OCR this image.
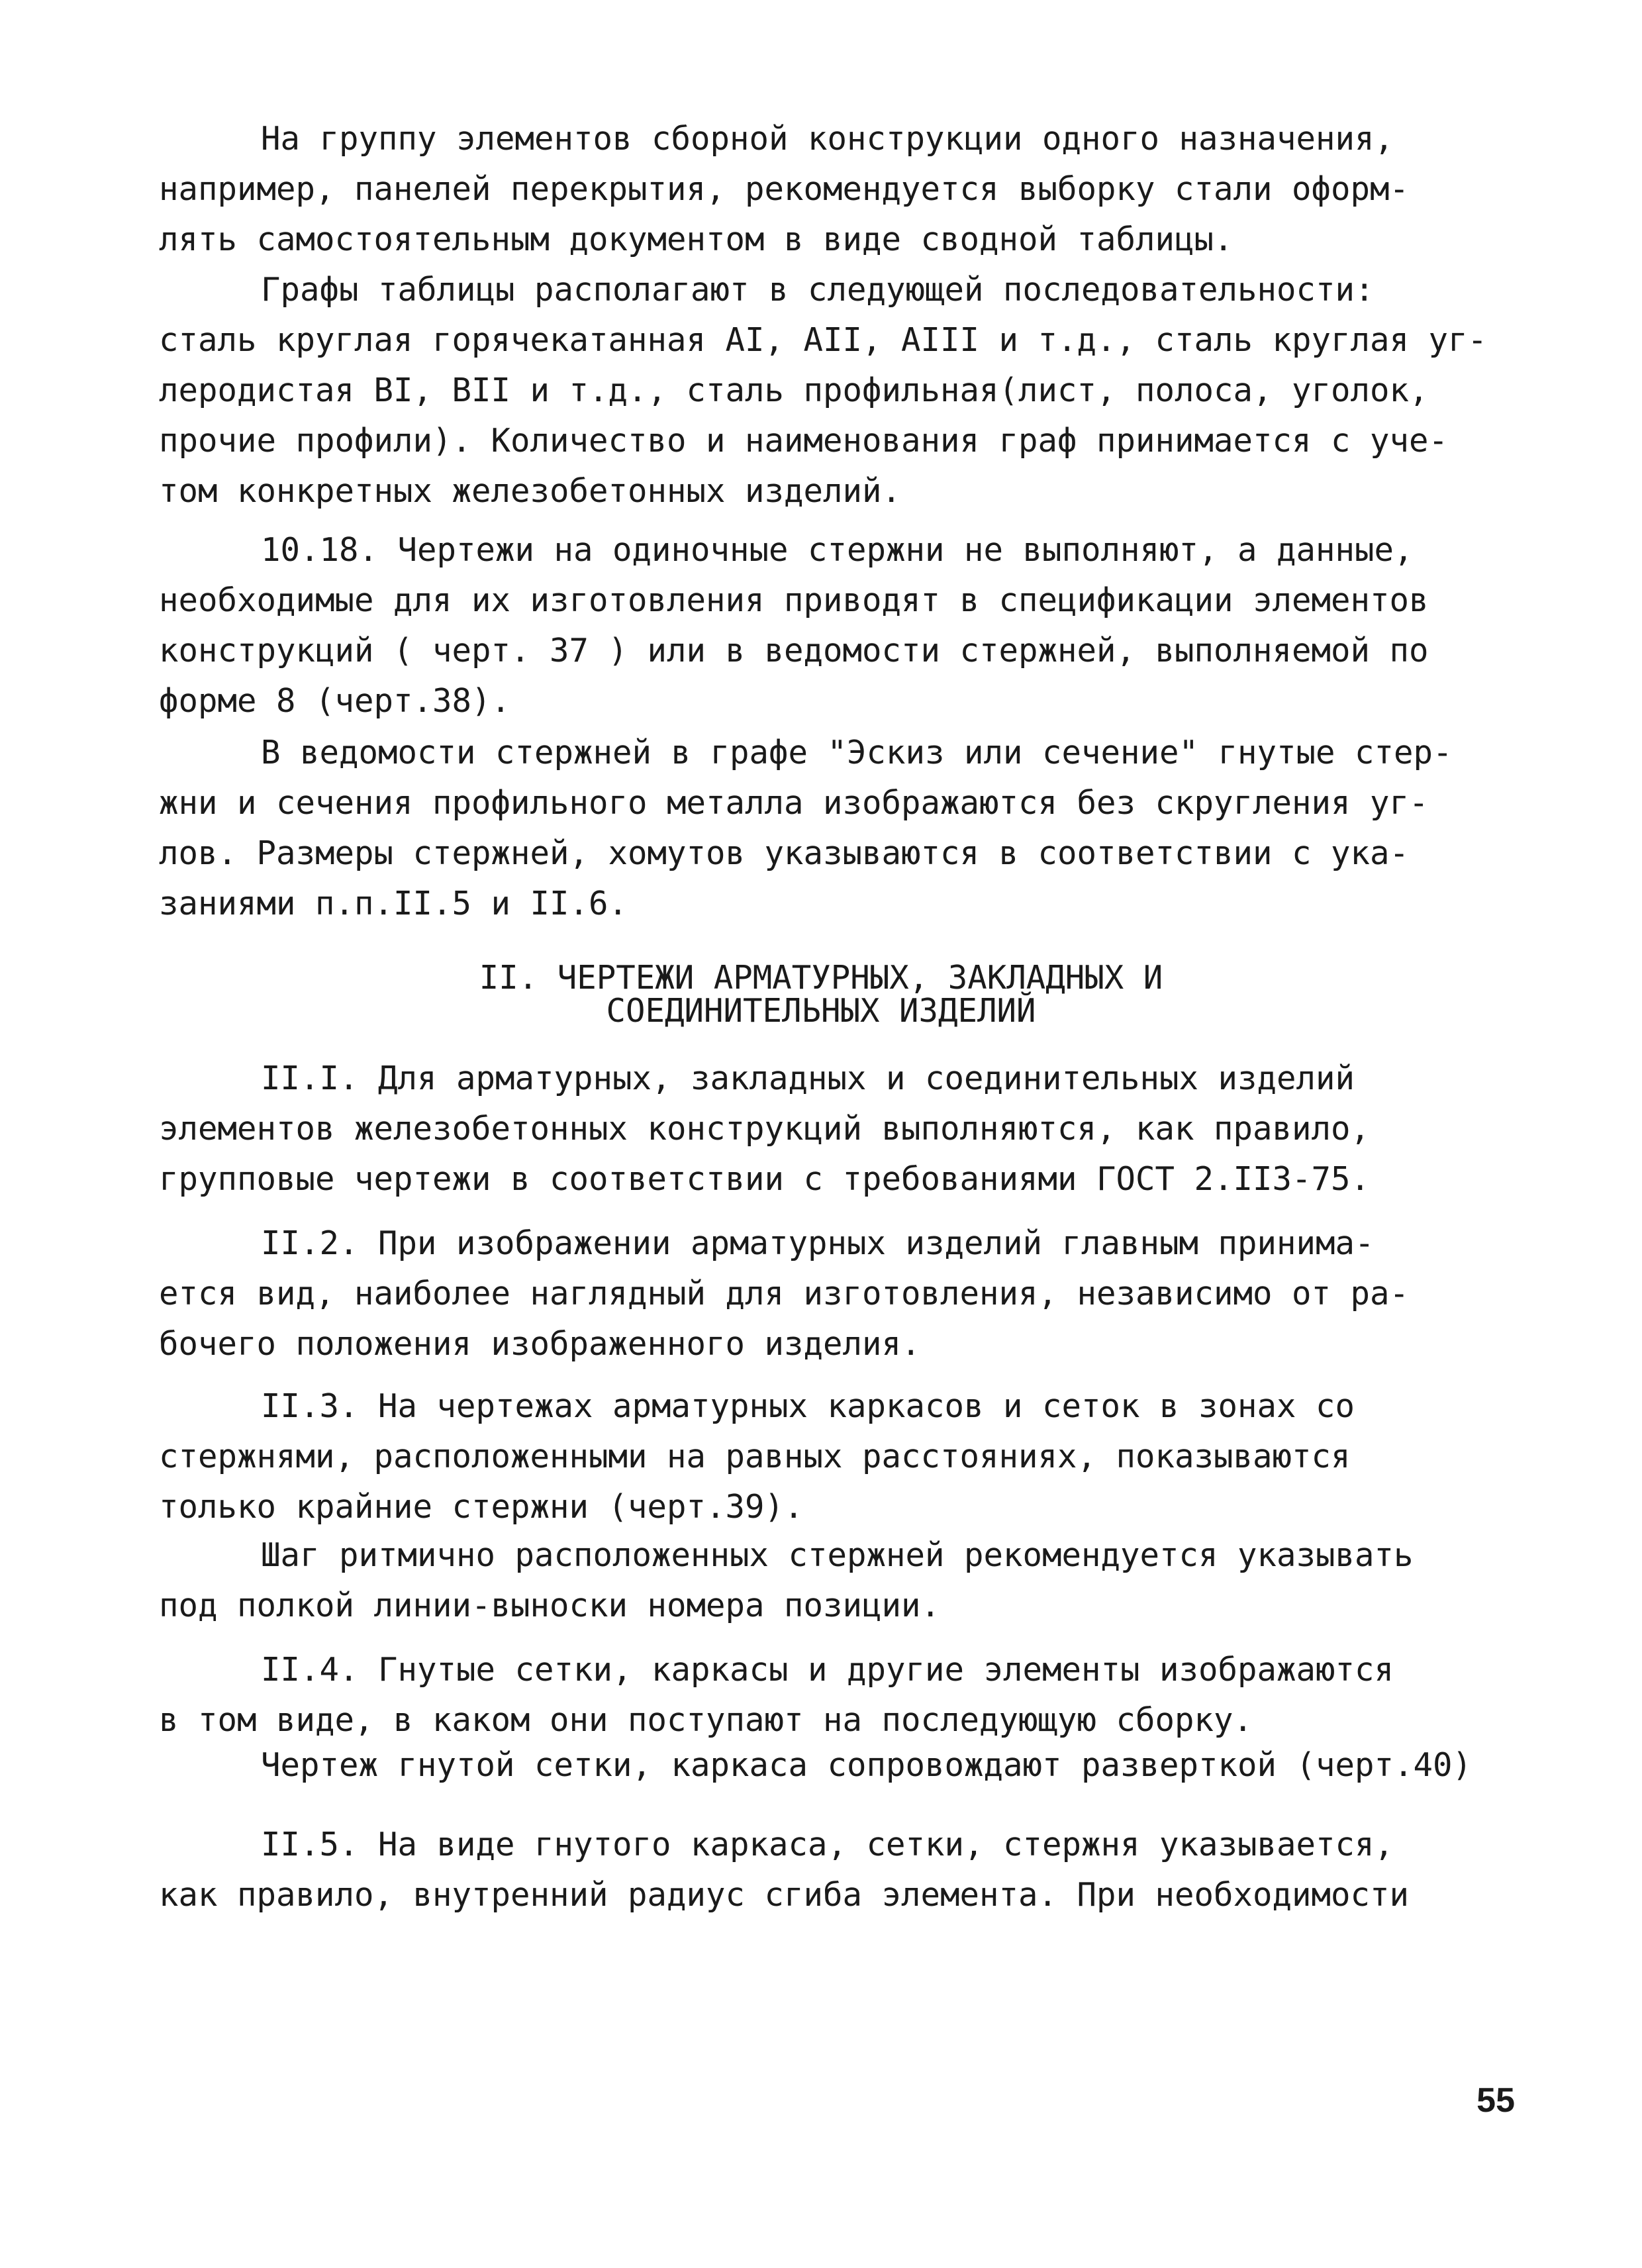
На группу элементов сборной конструкции одного назначения,
например, панелей перекрытия, рекомендуется выборку стали оформ-
лять самостоятельным документом в виде сводной таблицы.
Графы таблицы располагают в следующей последовательности:
сталь круглая горячекатанная AI, AII, AIII и т.д., сталь круглая уг-
леродистая BI, BII и т.д., сталь профильная(лист, полоса, уголок,
прочие профили). Количество и наименования граф принимается с уче-
том конкретных железобетонных изделий.
10.18. Чертежи на одиночные стержни не выполняют, а данные,
необходимые для их изготовления приводят в спецификации элементов
конструкций ( черт. 37 ) или в ведомости стержней, выполняемой по
форме 8 (черт.38).
В ведомости стержней в графе "Эскиз или сечение" гнутые стер-
жни и сечения профильного металла изображаются без скругления уг-
лов. Размеры стержней, хомутов указываются в соответствии с ука-
заниями п.п.II.5 и II.6.
II. ЧЕРТЕЖИ АРМАТУРНЫХ, ЗАКЛАДНЫХ И
СОЕДИНИТЕЛЬНЫХ ИЗДЕЛИЙ
II.I. Для арматурных, закладных и соединительных изделий
элементов железобетонных конструкций выполняются, как правило,
групповые чертежи в соответствии с требованиями ГОСТ 2.II3-75.
II.2. При изображении арматурных изделий главным принима-
ется вид, наиболее наглядный для изготовления, независимо от ра-
бочего положения изображенного изделия.
II.3. На чертежах арматурных каркасов и сеток в зонах со
стержнями, расположенными на равных расстояниях, показываются
только крайние стержни (черт.39).
Шаг ритмично расположенных стержней рекомендуется указывать
под полкой линии-выноски номера позиции.
II.4. Гнутые сетки, каркасы и другие элементы изображаются
в том виде, в каком они поступают на последующую сборку.
Чертеж гнутой сетки, каркаса сопровождают разверткой (черт.40)
II.5. На виде гнутого каркаса, сетки, стержня указывается,
как правило, внутренний радиус сгиба элемента. При необходимости
55
